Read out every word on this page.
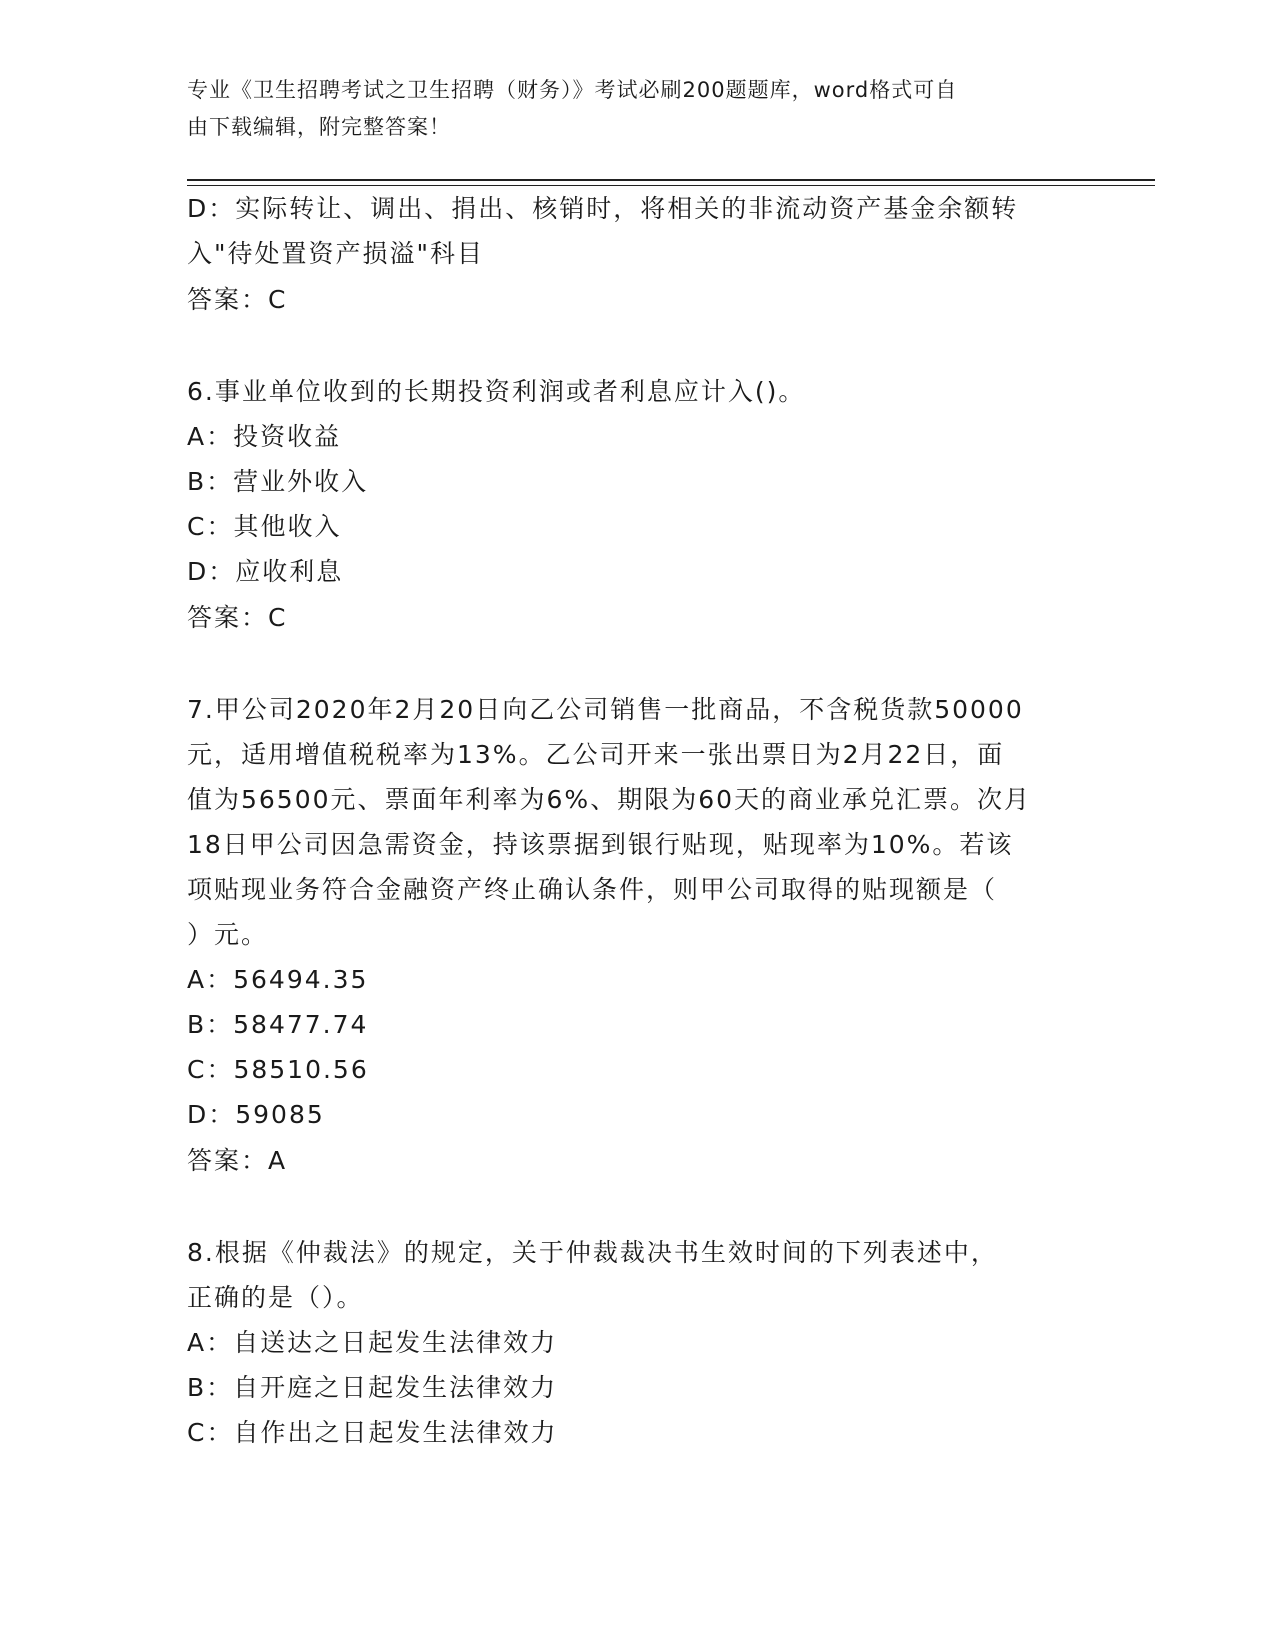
专业《卫生招聘考试之卫生招聘（财务）》考试必刷200题题库，word格式可自
由下载编辑，附完整答案！
D：实际转让、调出、捐出、核销时，将相关的非流动资产基金余额转
入"待处置资产损溢"科目
答案：C
6.事业单位收到的长期投资利润或者利息应计入()。
A：投资收益
B：营业外收入
C：其他收入
D：应收利息
答案：C
7.甲公司2020年2月20日向乙公司销售一批商品，不含税货款50000
元，适用增值税税率为13%。乙公司开来一张出票日为2月22日，面
值为56500元、票面年利率为6%、期限为60天的商业承兑汇票。次月
18日甲公司因急需资金，持该票据到银行贴现，贴现率为10%。若该
项贴现业务符合金融资产终止确认条件，则甲公司取得的贴现额是（
）元。
A：56494.35
B：58477.74
C：58510.56
D：59085
答案：A
8.根据《仲裁法》的规定，关于仲裁裁决书生效时间的下列表述中，
正确的是（）。
A：自送达之日起发生法律效力
B：自开庭之日起发生法律效力
C：自作出之日起发生法律效力
